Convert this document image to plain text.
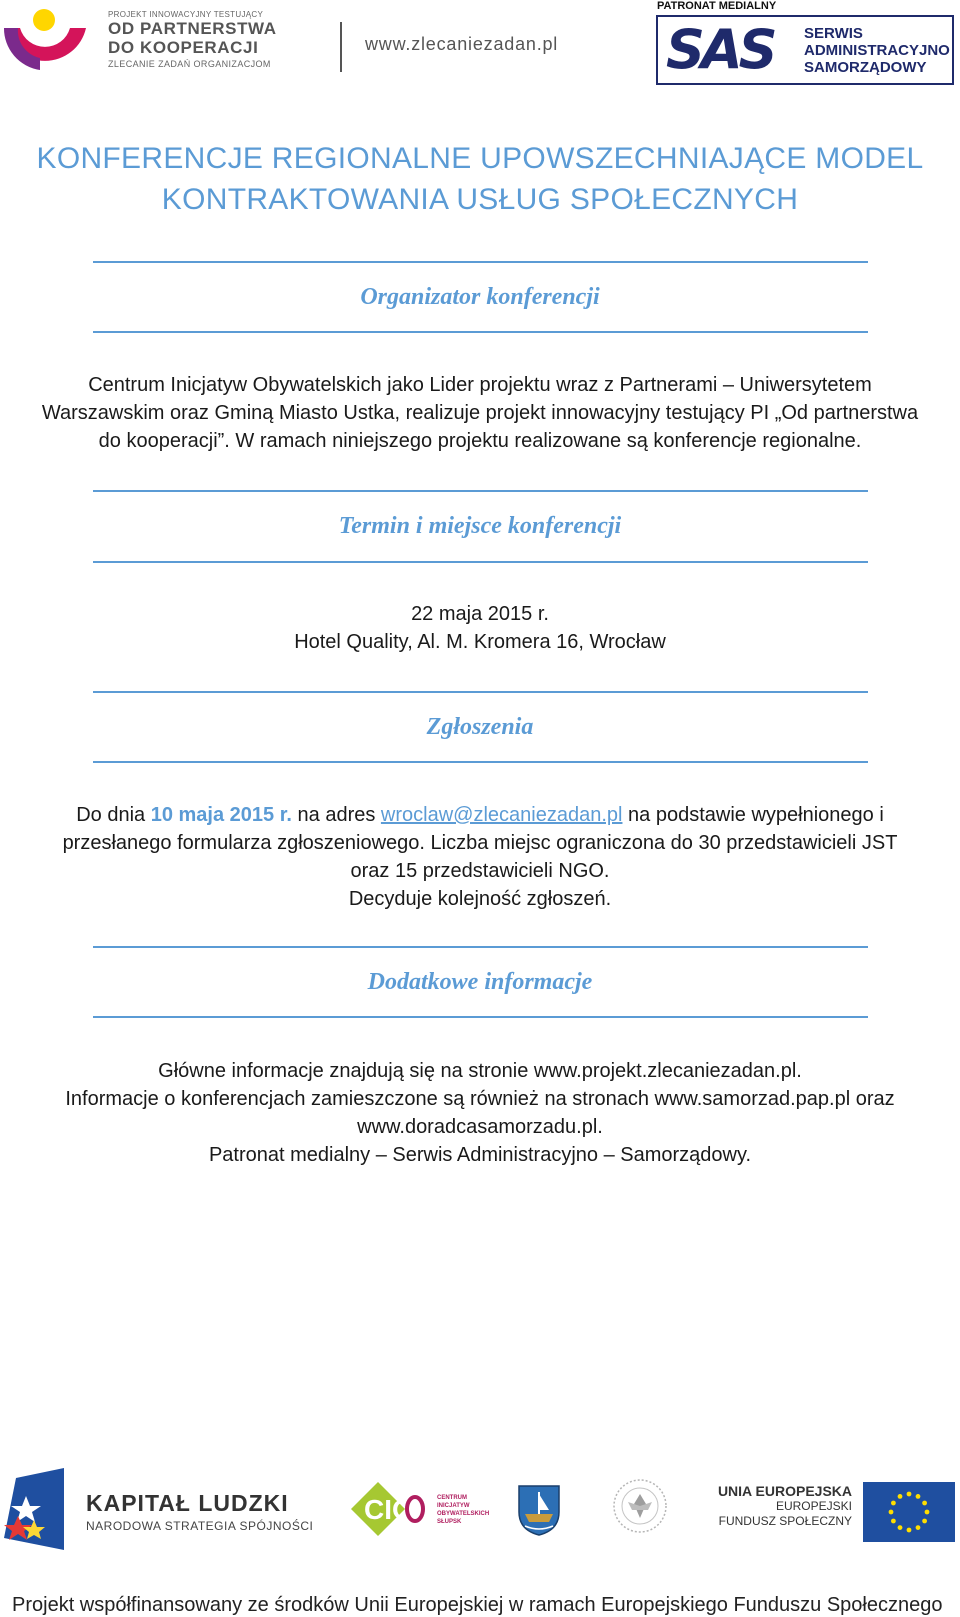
PROJEKT INNOWACYJNY TESTUJĄCY
OD PARTNERSTWA
DO KOOPERACJI
ZLECANIE ZADAŃ ORGANIZACJOM
www.zlecaniezadan.pl
PATRONAT MEDIALNY
SAS SERWIS
ADMINISTRACYJNO
SAMORZĄDOWY
KONFERENCJE REGIONALNE UPOWSZECHNIAJĄCE MODEL
KONTRAKTOWANIA USŁUG SPOŁECZNYCH
Organizator konferencji
Centrum Inicjatyw Obywatelskich jako Lider projektu wraz z Partnerami – Uniwersytetem
Warszawskim oraz Gminą Miasto Ustka, realizuje projekt innowacyjny testujący PI „Od partnerstwa
do kooperacji”. W ramach niniejszego projektu realizowane są konferencje regionalne.
Termin i miejsce konferencji
22 maja 2015 r.
Hotel Quality, Al. M. Kromera 16, Wrocław
Zgłoszenia
Do dnia 10 maja 2015 r. na adres wroclaw@zlecaniezadan.pl na podstawie wypełnionego i
przesłanego formularza zgłoszeniowego. Liczba miejsc ograniczona do 30 przedstawicieli JST
oraz 15 przedstawicieli NGO.
Decyduje kolejność zgłoszeń.
Dodatkowe informacje
Główne informacje znajdują się na stronie www.projekt.zlecaniezadan.pl.
Informacje o konferencjach zamieszczone są również na stronach www.samorzad.pap.pl oraz
www.doradcasamorzadu.pl.
Patronat medialny – Serwis Administracyjno – Samorządowy.
KAPITAŁ LUDZKI
NARODOWA STRATEGIA SPÓJNOŚCI
CIO	CENTRUM
INICJATYW
OBYWATELSKICH
SŁUPSK
UNIA EUROPEJSKA
EUROPEJSKI
FUNDUSZ SPOŁECZNY
Projekt współfinansowany ze środków Unii Europejskiej w ramach Europejskiego Funduszu Społecznego
